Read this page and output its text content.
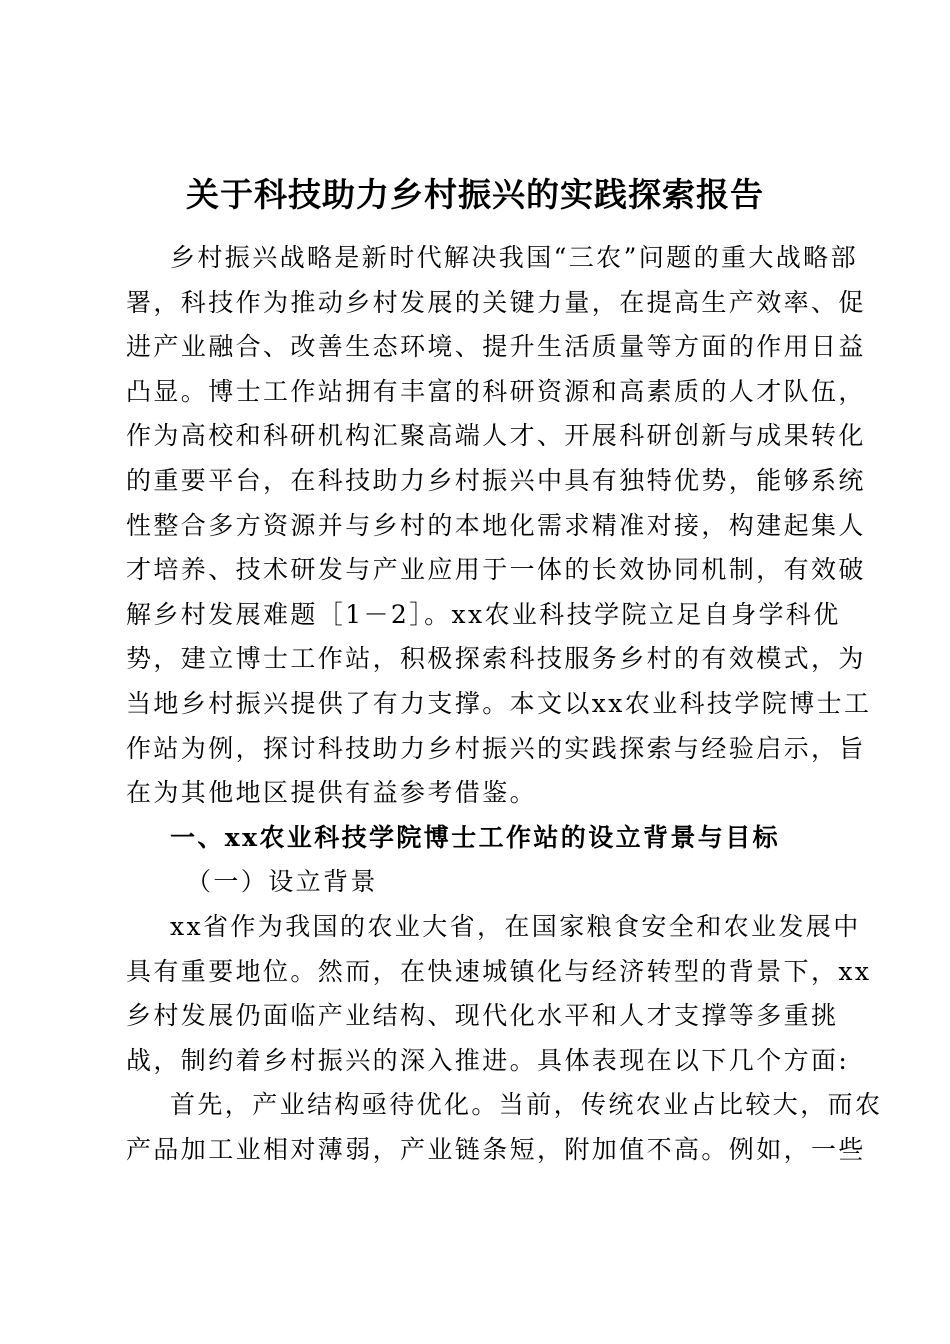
关于科技助力乡村振兴的实践探索报告
乡村振兴战略是新时代解决我国“三农”问题的重大战略部
署，科技作为推动乡村发展的关键力量，在提高生产效率、促
进产业融合、改善生态环境、提升生活质量等方面的作用日益
凸显。博士工作站拥有丰富的科研资源和高素质的人才队伍，
作为高校和科研机构汇聚高端人才、开展科研创新与成果转化
的重要平台，在科技助力乡村振兴中具有独特优势，能够系统
性整合多方资源并与乡村的本地化需求精准对接，构建起集人
才培养、技术研发与产业应用于一体的长效协同机制，有效破
解乡村发展难题［1－2］。xx农业科技学院立足自身学科优
势，建立博士工作站，积极探索科技服务乡村的有效模式，为
当地乡村振兴提供了有力支撑。本文以xx农业科技学院博士工
作站为例，探讨科技助力乡村振兴的实践探索与经验启示，旨
在为其他地区提供有益参考借鉴。
一、xx农业科技学院博士工作站的设立背景与目标
（一）设立背景
xx省作为我国的农业大省，在国家粮食安全和农业发展中
具有重要地位。然而，在快速城镇化与经济转型的背景下，xx
乡村发展仍面临产业结构、现代化水平和人才支撑等多重挑
战，制约着乡村振兴的深入推进。具体表现在以下几个方面:
首先，产业结构亟待优化。当前，传统农业占比较大，而农
产品加工业相对薄弱，产业链条短，附加值不高。例如，一些
